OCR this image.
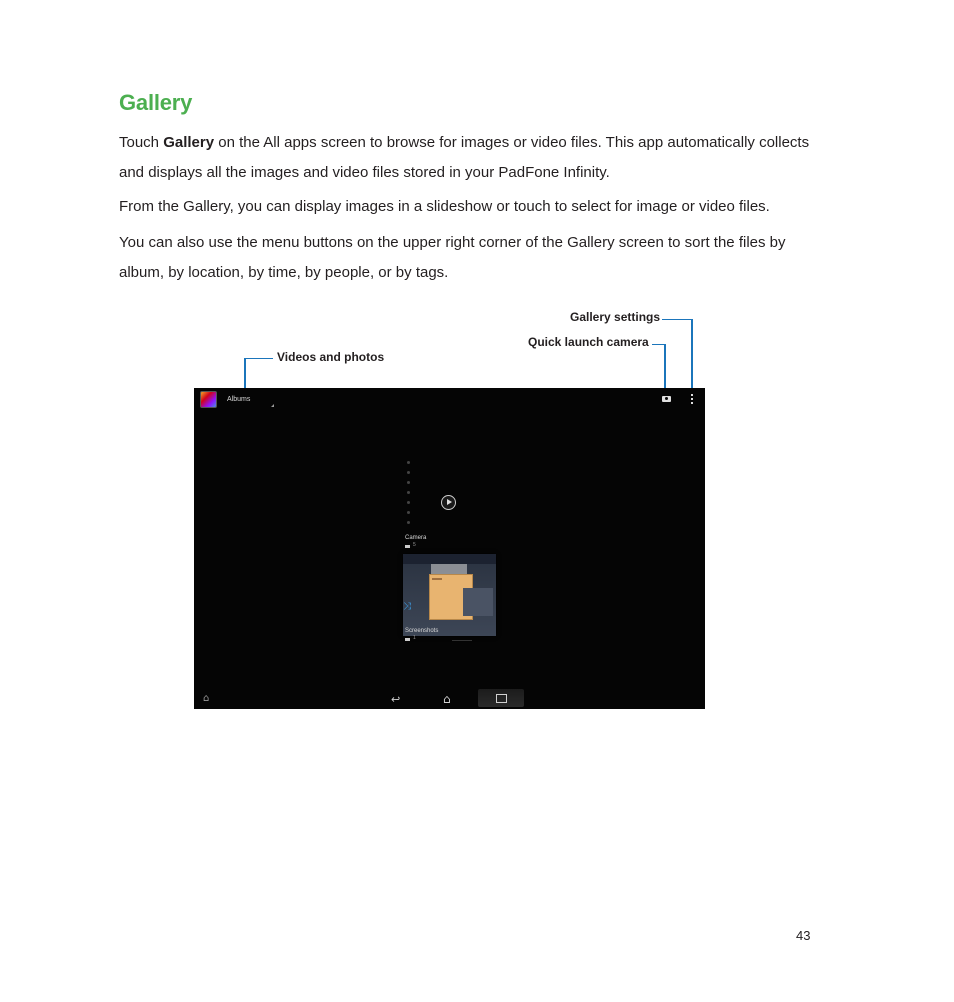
Gallery

Touch Gallery on the All apps screen to browse for images or video files. This app automatically collects and displays all the images and video files stored in your PadFone Infinity.

From the Gallery, you can display images in a slideshow or touch to select for image or video files.

You can also use the menu buttons on the upper right corner of the Gallery screen to sort the files by album, by location, by time, by people, or by tags.

Gallery settings
Quick launch camera
Videos and photos
Albums
Camera
5
⤨
Screenshots
1
⌂	↩	⌂
43
